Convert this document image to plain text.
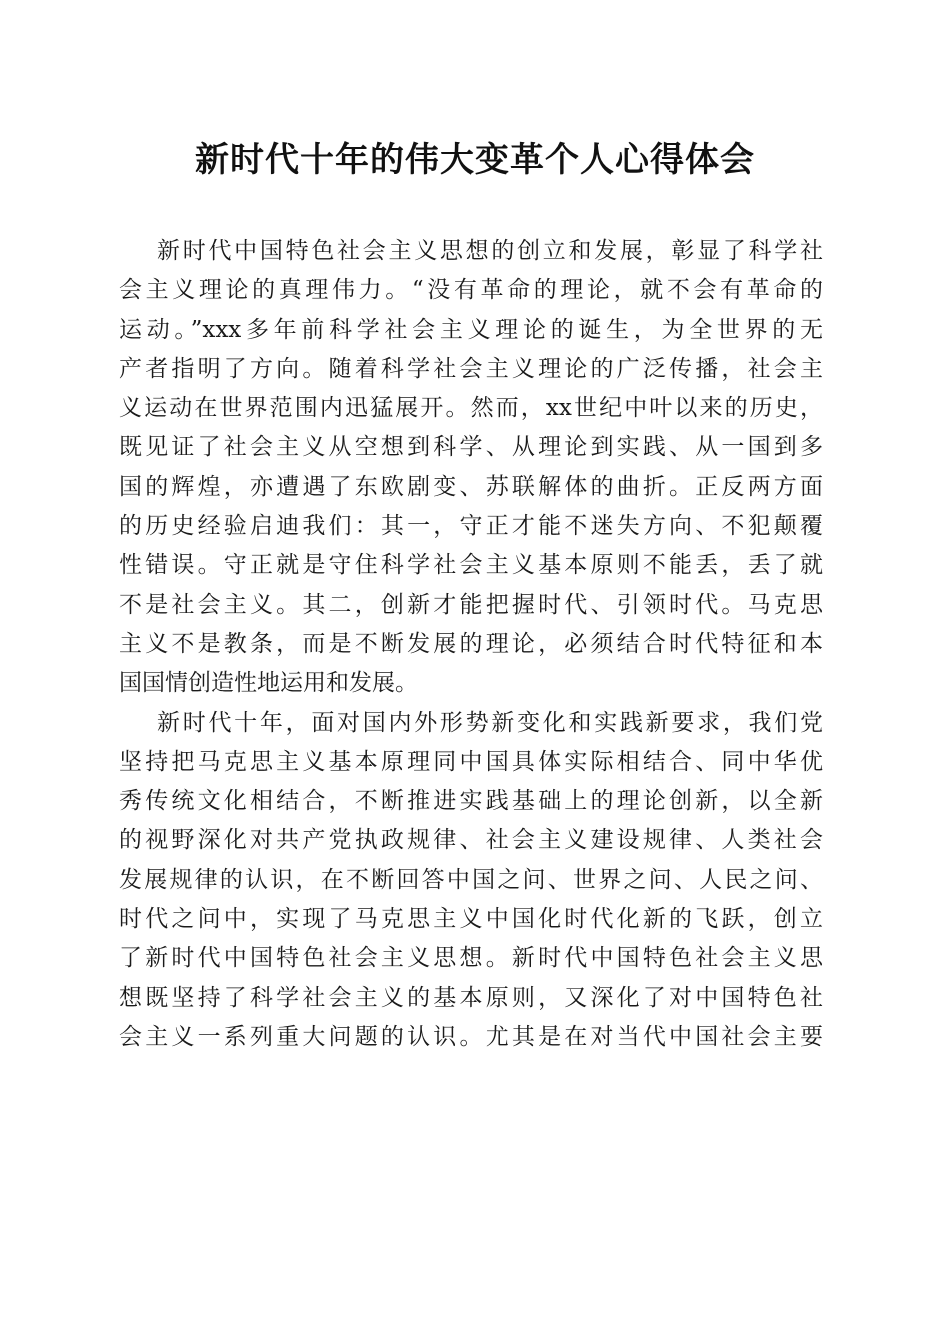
新时代十年的伟大变革个人心得体会
新时代中国特色社会主义思想的创立和发展，彰显了科学社
会主义理论的真理伟力。“没有革命的理论，就不会有革命的
运动。”xxx多年前科学社会主义理论的诞生，为全世界的无
产者指明了方向。随着科学社会主义理论的广泛传播，社会主
义运动在世界范围内迅猛展开。然而，xx世纪中叶以来的历史，
既见证了社会主义从空想到科学、从理论到实践、从一国到多
国的辉煌，亦遭遇了东欧剧变、苏联解体的曲折。正反两方面
的历史经验启迪我们：其一，守正才能不迷失方向、不犯颠覆
性错误。守正就是守住科学社会主义基本原则不能丢，丢了就
不是社会主义。其二，创新才能把握时代、引领时代。马克思
主义不是教条，而是不断发展的理论，必须结合时代特征和本
国国情创造性地运用和发展。
新时代十年，面对国内外形势新变化和实践新要求，我们党
坚持把马克思主义基本原理同中国具体实际相结合、同中华优
秀传统文化相结合，不断推进实践基础上的理论创新，以全新
的视野深化对共产党执政规律、社会主义建设规律、人类社会
发展规律的认识，在不断回答中国之问、世界之问、人民之问、
时代之问中，实现了马克思主义中国化时代化新的飞跃，创立
了新时代中国特色社会主义思想。新时代中国特色社会主义思
想既坚持了科学社会主义的基本原则，又深化了对中国特色社
会主义一系列重大问题的认识。尤其是在对当代中国社会主要
